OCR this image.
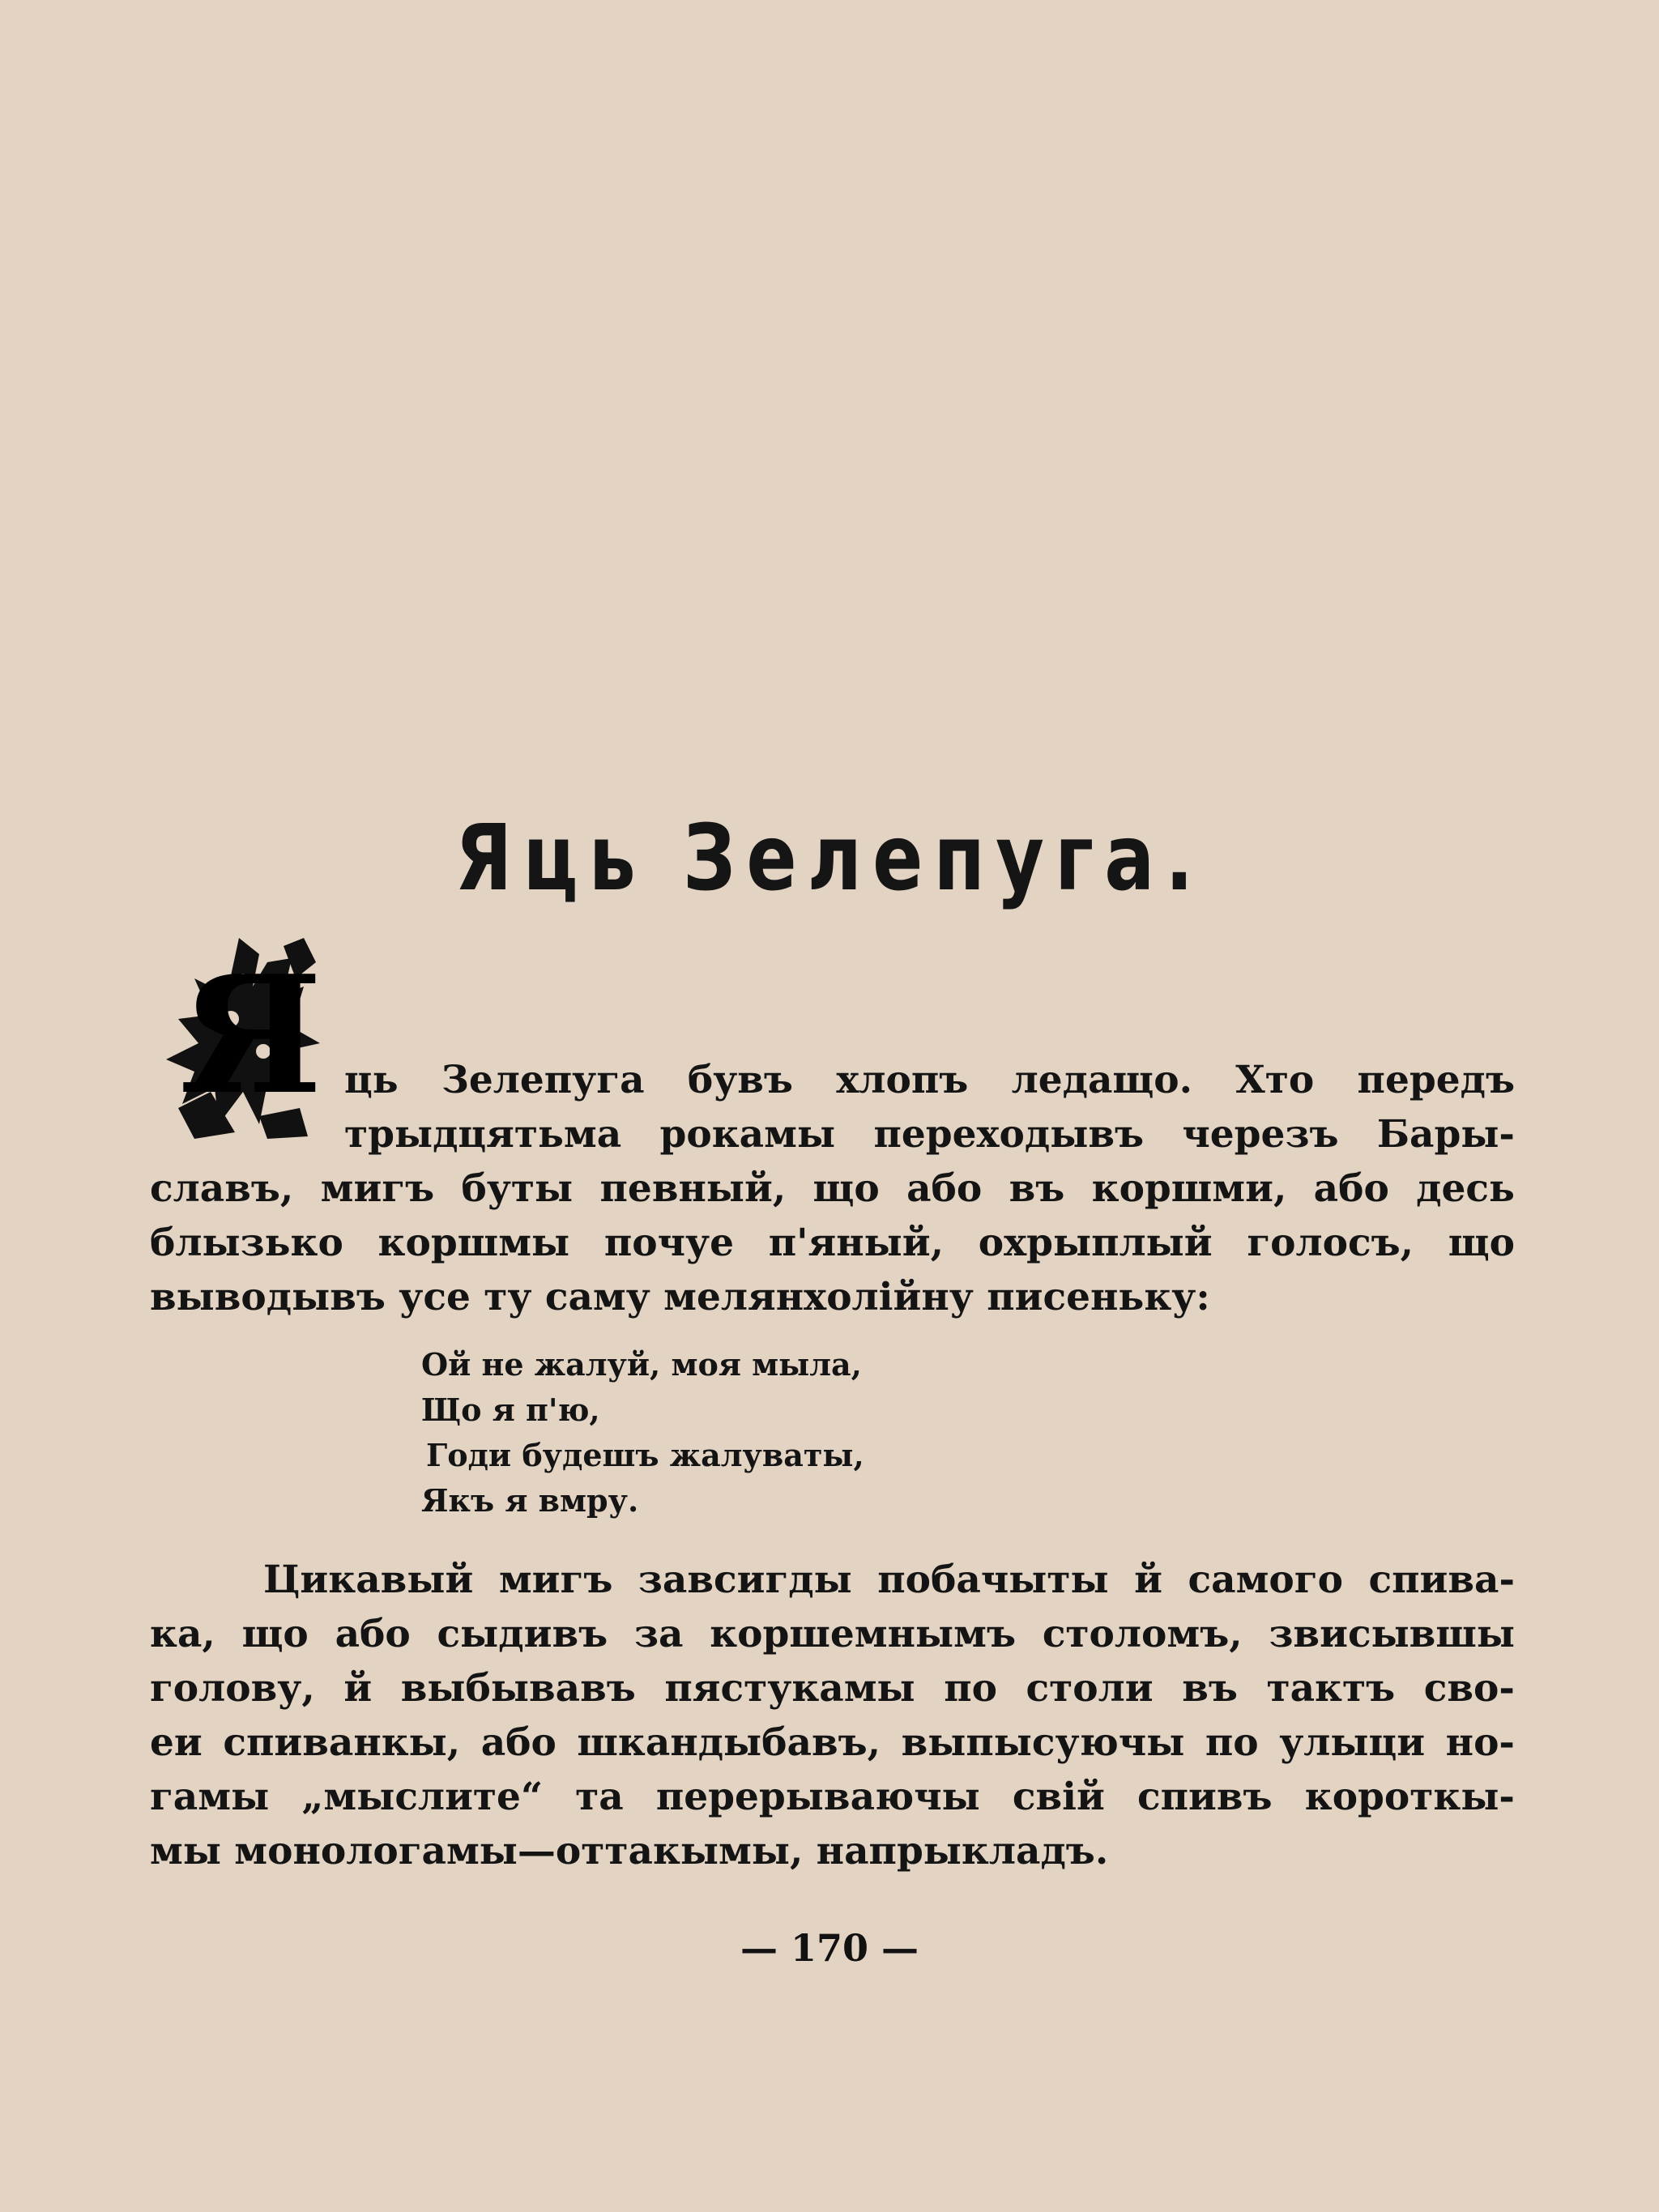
Яць Зелепуга.
Я ць Зелепуга бувъ хлопъ ледащо. Хто передъ
трыдцятьма рокамы переходывъ черезъ Бары-
славъ, мигъ буты певный, що або въ коршми, або десь
блызько коршмы почуе п'яный, охрыплый голосъ, що
выводывъ усе ту саму мелянхолійну писеньку:
Ой не жалуй, моя мыла,
Що я п'ю,
Годи будешъ жалуваты,
Якъ я вмру.
Цикавый мигъ завсигды побачыты й самого спива-
ка, що або сыдивъ за коршемнымъ столомъ, звисывшы
голову, й выбывавъ пястукамы по столи въ тактъ сво-
еи спиванкы, або шкандыбавъ, выпысуючы по улыци но-
гамы „мыслите“ та перерываючы свій спивъ короткы-
мы монологамы—оттакымы, напрыкладъ.
— 170 —
